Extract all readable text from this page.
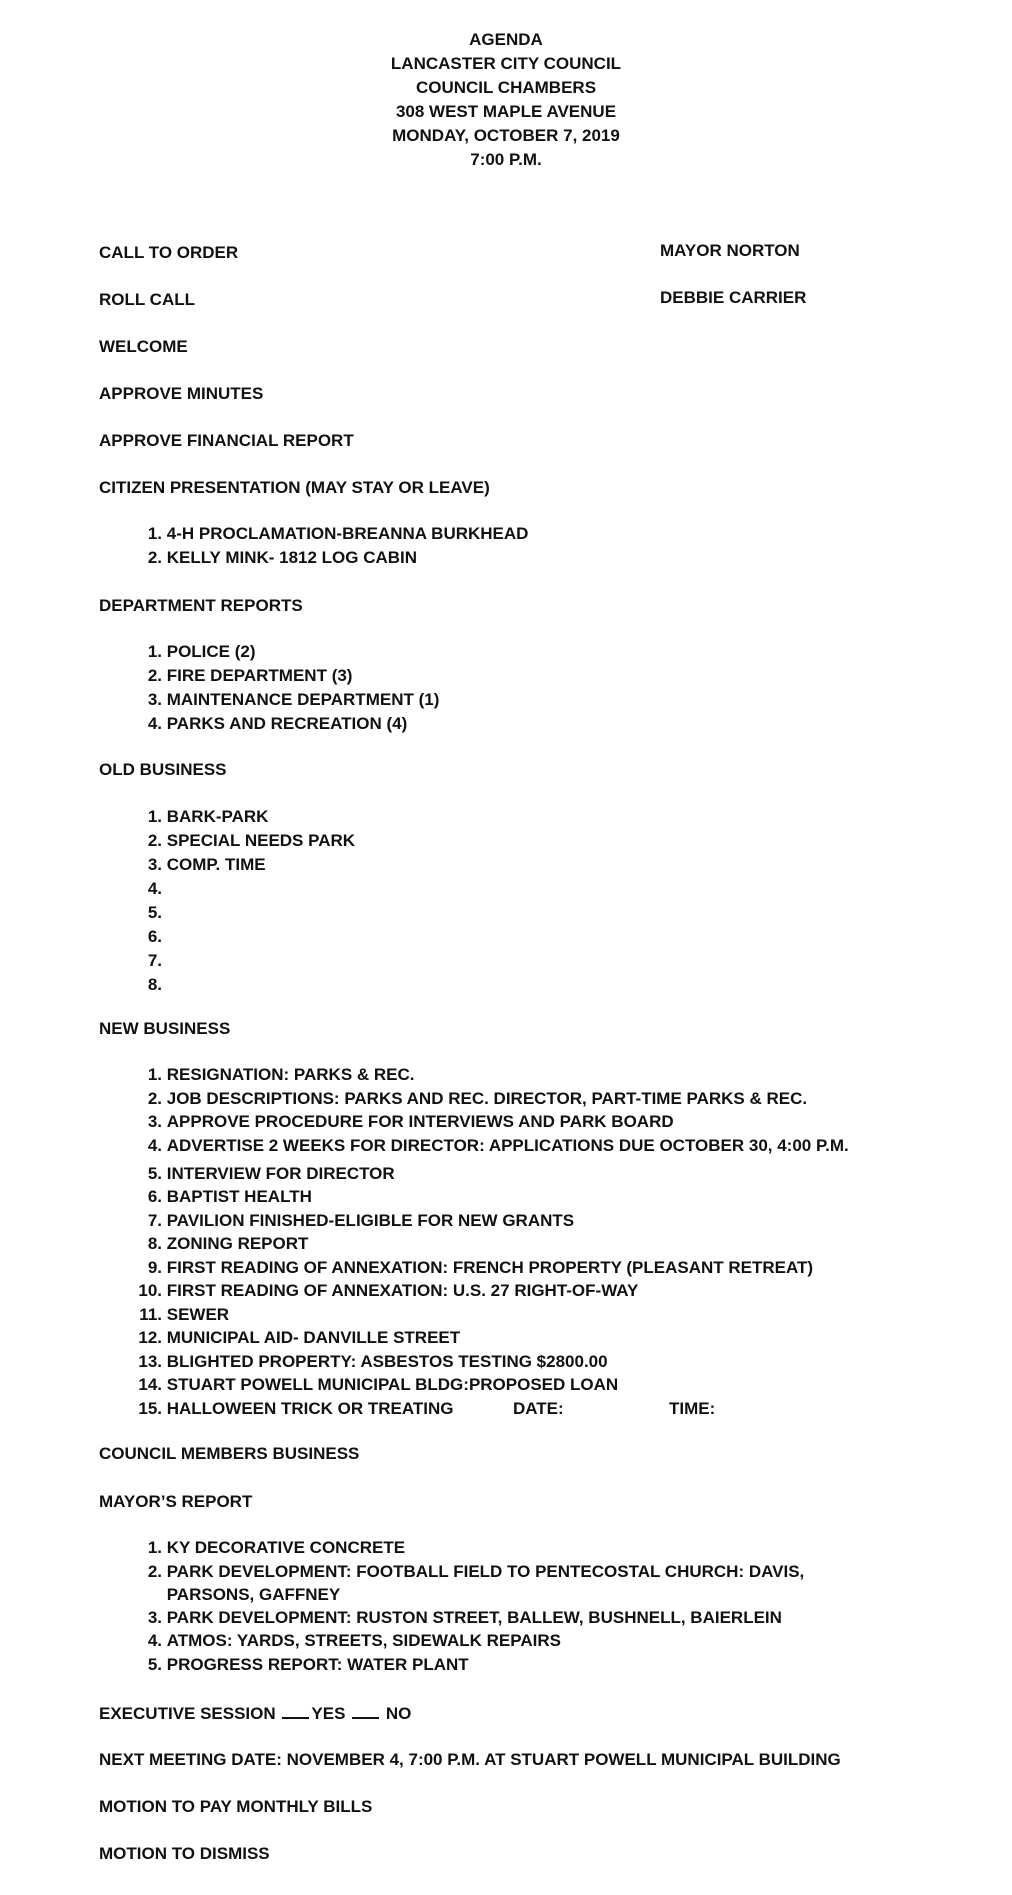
AGENDA
LANCASTER CITY COUNCIL
COUNCIL CHAMBERS
308 WEST MAPLE AVENUE
MONDAY, OCTOBER 7, 2019
7:00 P.M.
CALL TO ORDER	MAYOR NORTON
ROLL CALL	DEBBIE CARRIER
WELCOME
APPROVE MINUTES
APPROVE FINANCIAL REPORT
CITIZEN PRESENTATION (MAY STAY OR LEAVE)
1. 4-H PROCLAMATION-BREANNA BURKHEAD
2. KELLY MINK- 1812 LOG CABIN
DEPARTMENT REPORTS
1. POLICE (2)
2. FIRE DEPARTMENT (3)
3. MAINTENANCE DEPARTMENT (1)
4. PARKS AND RECREATION (4)
OLD BUSINESS
1. BARK-PARK
2. SPECIAL NEEDS PARK
3. COMP. TIME
4.
5.
6.
7.
8.
NEW BUSINESS
1. RESIGNATION: PARKS & REC.
2. JOB DESCRIPTIONS: PARKS AND REC. DIRECTOR, PART-TIME PARKS & REC.
3. APPROVE PROCEDURE FOR INTERVIEWS AND PARK BOARD
4. ADVERTISE 2 WEEKS FOR DIRECTOR: APPLICATIONS DUE OCTOBER 30, 4:00 P.M.
5. INTERVIEW FOR DIRECTOR
6. BAPTIST HEALTH
7. PAVILION FINISHED-ELIGIBLE FOR NEW GRANTS
8. ZONING REPORT
9. FIRST READING OF ANNEXATION: FRENCH PROPERTY (PLEASANT RETREAT)
10. FIRST READING OF ANNEXATION: U.S. 27 RIGHT-OF-WAY
11. SEWER
12. MUNICIPAL AID- DANVILLE STREET
13. BLIGHTED PROPERTY: ASBESTOS TESTING $2800.00
14. STUART POWELL MUNICIPAL BLDG:PROPOSED LOAN
15. HALLOWEEN TRICK OR TREATING	DATE:	TIME:
COUNCIL MEMBERS BUSINESS
MAYOR’S REPORT
1. KY DECORATIVE CONCRETE
2. PARK DEVELOPMENT: FOOTBALL FIELD TO PENTECOSTAL CHURCH: DAVIS, PARSONS, GAFFNEY
3. PARK DEVELOPMENT: RUSTON STREET, BALLEW, BUSHNELL, BAIERLEIN
4. ATMOS: YARDS, STREETS, SIDEWALK REPAIRS
5. PROGRESS REPORT: WATER PLANT
EXECUTIVE SESSION YES NO
NEXT MEETING DATE: NOVEMBER 4, 7:00 P.M. AT STUART POWELL MUNICIPAL BUILDING
MOTION TO PAY MONTHLY BILLS
MOTION TO DISMISS
